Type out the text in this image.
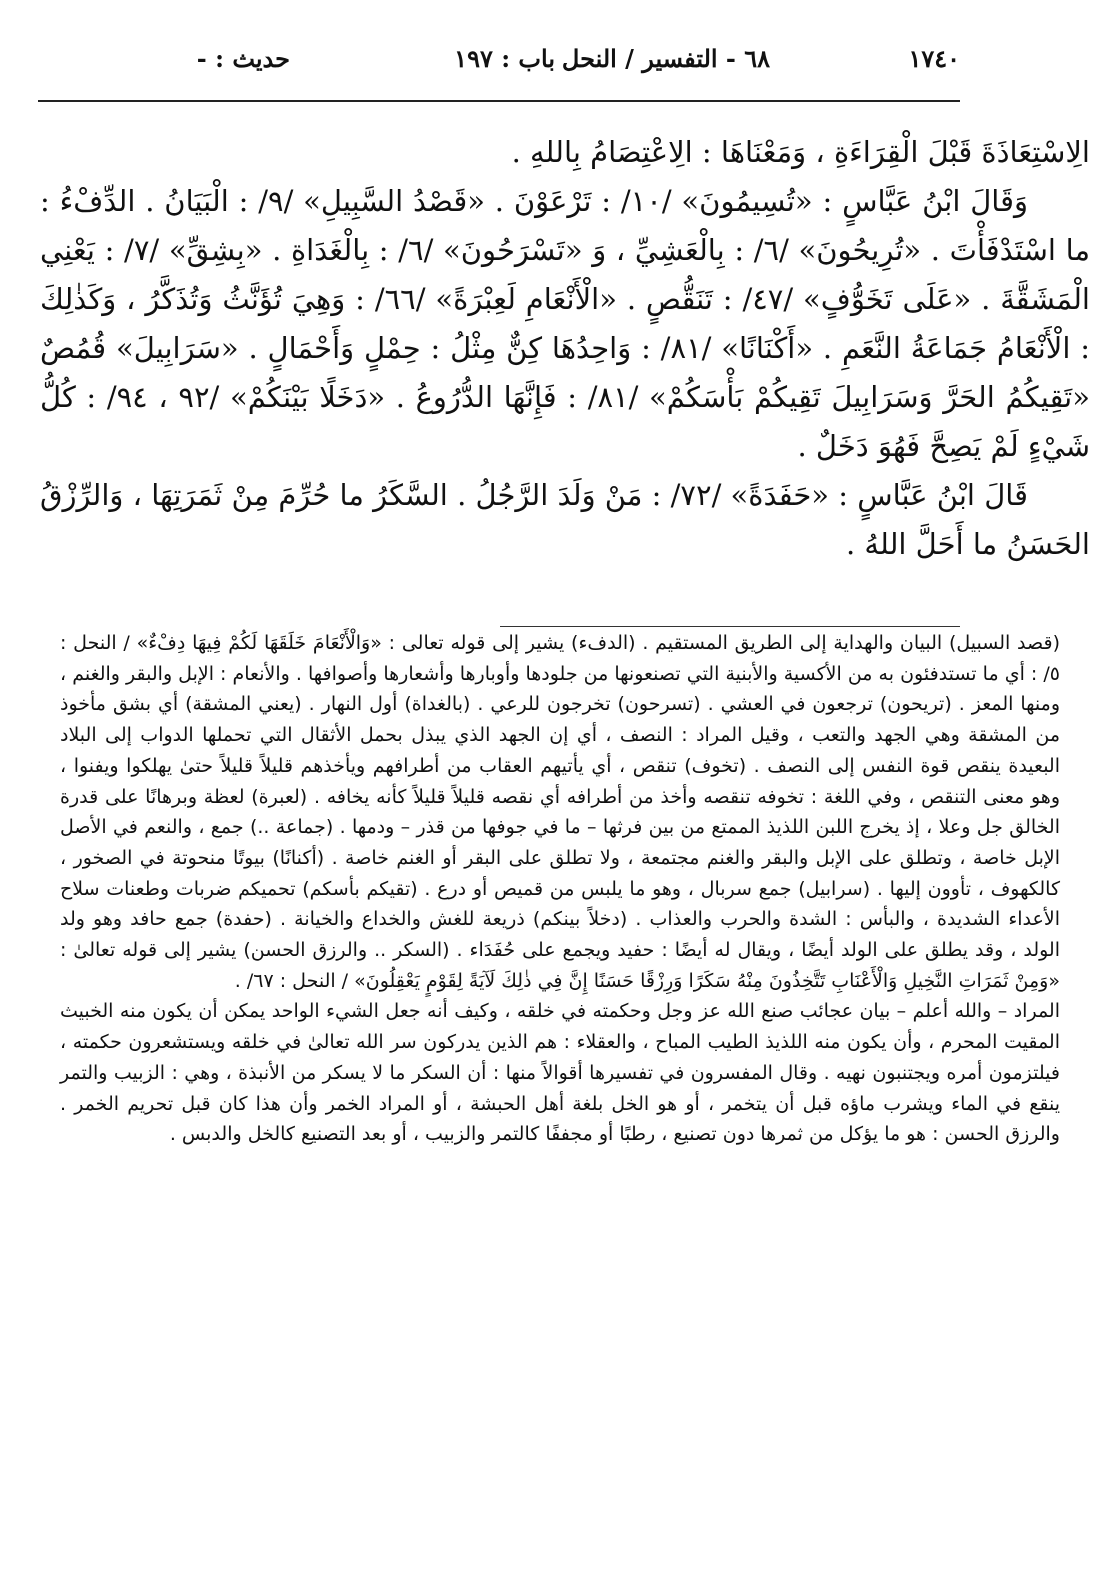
١٧٤٠
٦٨ - التفسير / النحل
باب : ١٩٧
حديث : -

الِاسْتِعَاذَةَ قَبْلَ الْقِرَاءَةِ ، وَمَعْنَاهَا : الِاعْتِصَامُ بِاللهِ .

وَقَالَ ابْنُ عَبَّاسٍ : «تُسِيمُونَ» /١٠/ : تَرْعَوْنَ . «قَصْدُ السَّبِيلِ» /٩/ : الْبَيَانُ . الدِّفْءُ : ما اسْتَدْفَأْتَ . «تُرِيحُونَ» /٦/ : بِالْعَشِيِّ ، وَ «تَسْرَحُونَ» /٦/ : بِالْغَدَاةِ . «بِشِقِّ» /٧/ : يَعْنِي الْمَشَقَّةَ . «عَلَى تَخَوُّفٍ» /٤٧/ : تَنَقُّصٍ . «الْأَنْعَامِ لَعِبْرَةً» /٦٦/ : وَهِيَ تُؤَنَّثُ وَتُذَكَّرُ ، وَكَذٰلِكَ : الْأَنْعَامُ جَمَاعَةُ النَّعَمِ . «أَكْنَانًا» /٨١/ : وَاحِدُهَا كِنٌّ مِثْلُ : حِمْلٍ وَأَحْمَالٍ . «سَرَابِيلَ» قُمُصٌ «تَقِيكُمُ الحَرَّ وَسَرَابِيلَ تَقِيكُمْ بَأْسَكُمْ» /٨١/ : فَإِنَّهَا الدُّرُوعُ . «دَخَلًا بَيْنَكُمْ» /٩٢ ، ٩٤/ : كُلُّ شَيْءٍ لَمْ يَصِحَّ فَهُوَ دَخَلٌ .

قَالَ ابْنُ عَبَّاسٍ : «حَفَدَةً» /٧٢/ : مَنْ وَلَدَ الرَّجُلُ . السَّكَرُ ما حُرِّمَ مِنْ ثَمَرَتِهَا ، وَالرِّزْقُ الحَسَنُ ما أَحَلَّ اللهُ .

(قصد السبيل) البيان والهداية إلى الطريق المستقيم . (الدفء) يشير إلى قوله تعالى : «وَالْأَنْعَامَ خَلَقَهَا لَكُمْ فِيهَا دِفْءٌ» / النحل : ٥/ : أي ما تستدفئون به من الأكسية والأبنية التي تصنعونها من جلودها وأوبارها وأشعارها وأصوافها . والأنعام : الإبل والبقر والغنم ، ومنها المعز . (تريحون) ترجعون في العشي . (تسرحون) تخرجون للرعي . (بالغداة) أول النهار . (يعني المشقة) أي بشق مأخوذ من المشقة وهي الجهد والتعب ، وقيل المراد : النصف ، أي إن الجهد الذي يبذل بحمل الأثقال التي تحملها الدواب إلى البلاد البعيدة ينقص قوة النفس إلى النصف . (تخوف) تنقص ، أي يأتيهم العقاب من أطرافهم ويأخذهم قليلاً قليلاً حتىٰ يهلكوا ويفنوا ، وهو معنى التنقص ، وفي اللغة : تخوفه تنقصه وأخذ من أطرافه أي نقصه قليلاً قليلاً كأنه يخافه . (لعبرة) لعظة وبرهانًا على قدرة الخالق جل وعلا ، إذ يخرج اللبن اللذيذ الممتع من بين فرثها – ما في جوفها من قذر – ودمها . (جماعة ..) جمع ، والنعم في الأصل الإبل خاصة ، وتطلق على الإبل والبقر والغنم مجتمعة ، ولا تطلق على البقر أو الغنم خاصة . (أكنانًا) بيوتًا منحوتة في الصخور ، كالكهوف ، تأوون إليها . (سرابيل) جمع سربال ، وهو ما يلبس من قميص أو درع . (تقيكم بأسكم) تحميكم ضربات وطعنات سلاح الأعداء الشديدة ، والبأس : الشدة والحرب والعذاب . (دخلاً بينكم) ذريعة للغش والخداع والخيانة . (حفدة) جمع حافد وهو ولد الولد ، وقد يطلق على الولد أيضًا ، ويقال له أيضًا : حفيد ويجمع على حُفَدَاء . (السكر .. والرزق الحسن) يشير إلى قوله تعالىٰ : «وَمِنْ ثَمَرَاتِ النَّخِيلِ وَالْأَعْنَابِ تَتَّخِذُونَ مِنْهُ سَكَرًا وَرِزْقًا حَسَنًا إِنَّ فِي ذٰلِكَ لَآيَةً لِقَوْمٍ يَعْقِلُونَ» / النحل : ٦٧/ .

المراد – والله أعلم – بيان عجائب صنع الله عز وجل وحكمته في خلقه ، وكيف أنه جعل الشيء الواحد يمكن أن يكون منه الخبيث المقيت المحرم ، وأن يكون منه اللذيذ الطيب المباح ، والعقلاء : هم الذين يدركون سر الله تعالىٰ في خلقه ويستشعرون حكمته ، فيلتزمون أمره ويجتنبون نهيه . وقال المفسرون في تفسيرها أقوالاً منها : أن السكر ما لا يسكر من الأنبذة ، وهي : الزبيب والتمر ينقع في الماء ويشرب ماؤه قبل أن يتخمر ، أو هو الخل بلغة أهل الحبشة ، أو المراد الخمر وأن هذا كان قبل تحريم الخمر . والرزق الحسن : هو ما يؤكل من ثمرها دون تصنيع ، رطبًا أو مجففًا كالتمر والزبيب ، أو بعد التصنيع كالخل والدبس .
